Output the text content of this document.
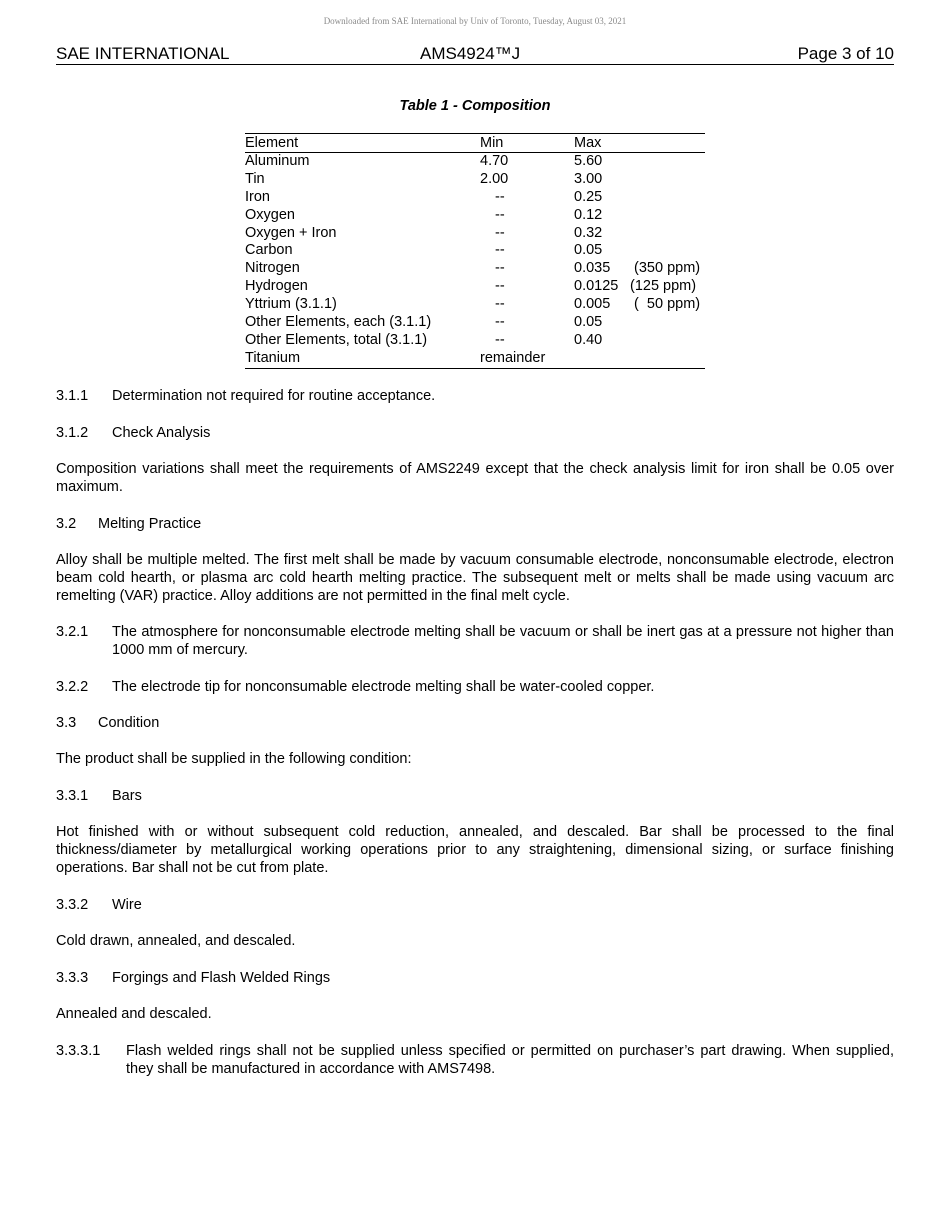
Downloaded from SAE International by Univ of Toronto, Tuesday, August 03, 2021
SAE INTERNATIONAL	AMS4924™J	Page 3 of 10
Table 1 - Composition
Element	Min	Max
Aluminum	4.70	5.60
Tin	2.00	3.00
Iron	--	0.25
Oxygen	--	0.12
Oxygen + Iron	--	0.32
Carbon	--	0.05
Nitrogen	--	0.035 (350 ppm)
Hydrogen	--	0.0125 (125 ppm)
Yttrium (3.1.1)	--	0.005 (  50 ppm)
Other Elements, each (3.1.1)	--	0.05
Other Elements, total (3.1.1)	--	0.40
Titanium	remainder
3.1.1 Determination not required for routine acceptance.
3.1.2 Check Analysis
Composition variations shall meet the requirements of AMS2249 except that the check analysis limit for iron shall be 0.05 over maximum.
3.2 Melting Practice
Alloy shall be multiple melted. The first melt shall be made by vacuum consumable electrode, nonconsumable electrode, electron beam cold hearth, or plasma arc cold hearth melting practice. The subsequent melt or melts shall be made using vacuum arc remelting (VAR) practice. Alloy additions are not permitted in the final melt cycle.
3.2.1 The atmosphere for nonconsumable electrode melting shall be vacuum or shall be inert gas at a pressure not higher than 1000 mm of mercury.
3.2.2 The electrode tip for nonconsumable electrode melting shall be water-cooled copper.
3.3 Condition
The product shall be supplied in the following condition:
3.3.1 Bars
Hot finished with or without subsequent cold reduction, annealed, and descaled. Bar shall be processed to the final thickness/diameter by metallurgical working operations prior to any straightening, dimensional sizing, or surface finishing operations. Bar shall not be cut from plate.
3.3.2 Wire
Cold drawn, annealed, and descaled.
3.3.3 Forgings and Flash Welded Rings
Annealed and descaled.
3.3.3.1 Flash welded rings shall not be supplied unless specified or permitted on purchaser’s part drawing. When supplied, they shall be manufactured in accordance with AMS7498.
